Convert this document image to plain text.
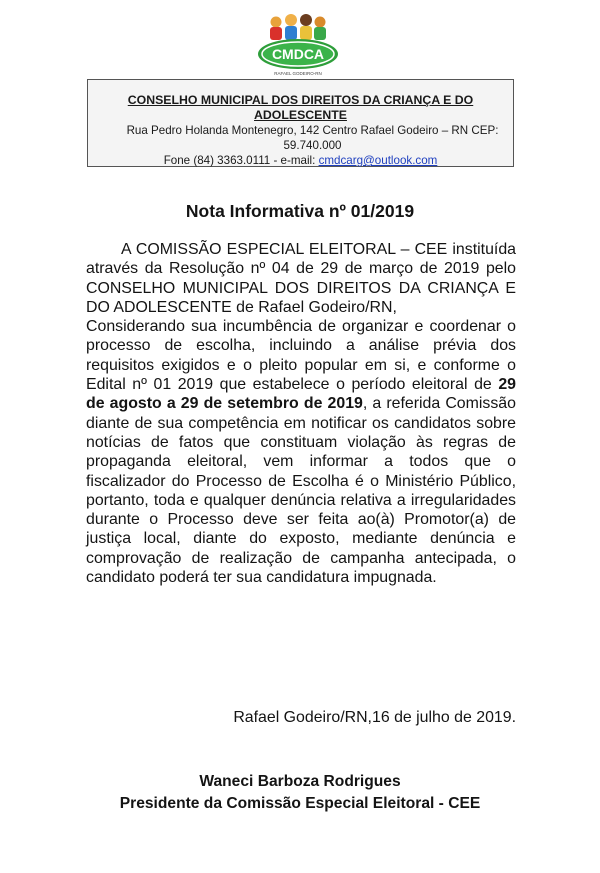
CMDCA
RAFAEL GODEIRO-RN
CONSELHO MUNICIPAL DOS DIREITOS DA CRIANÇA E DO ADOLESCENTE
Rua Pedro Holanda Montenegro, 142 Centro Rafael Godeiro – RN CEP: 59.740.000
Fone (84) 3363.0111 - e-mail: cmdcarg@outlook.com
Nota Informativa nº 01/2019

A COMISSÃO ESPECIAL ELEITORAL – CEE instituída através da Resolução nº 04 de 29 de março de 2019 pelo CONSELHO MUNICIPAL DOS DIREITOS DA CRIANÇA E DO ADOLESCENTE de Rafael Godeiro/RN,

Considerando sua incumbência de organizar e coordenar o processo de escolha, incluindo a análise prévia dos requisitos exigidos e o pleito popular em si, e conforme o Edital nº 01 2019 que estabelece o período eleitoral de 29 de agosto a 29 de setembro de 2019, a referida Comissão diante de sua competência em notificar os candidatos sobre notícias de fatos que constituam violação às regras de propaganda eleitoral, vem informar a todos que o fiscalizador do Processo de Escolha é o Ministério Público, portanto, toda e qualquer denúncia relativa a irregularidades durante o Processo deve ser feita ao(à) Promotor(a) de justiça local, diante do exposto, mediante denúncia e comprovação de realização de campanha antecipada, o candidato poderá ter sua candidatura impugnada.

Rafael Godeiro/RN,16 de julho de 2019.
Waneci Barboza Rodrigues
Presidente da Comissão Especial Eleitoral - CEE
